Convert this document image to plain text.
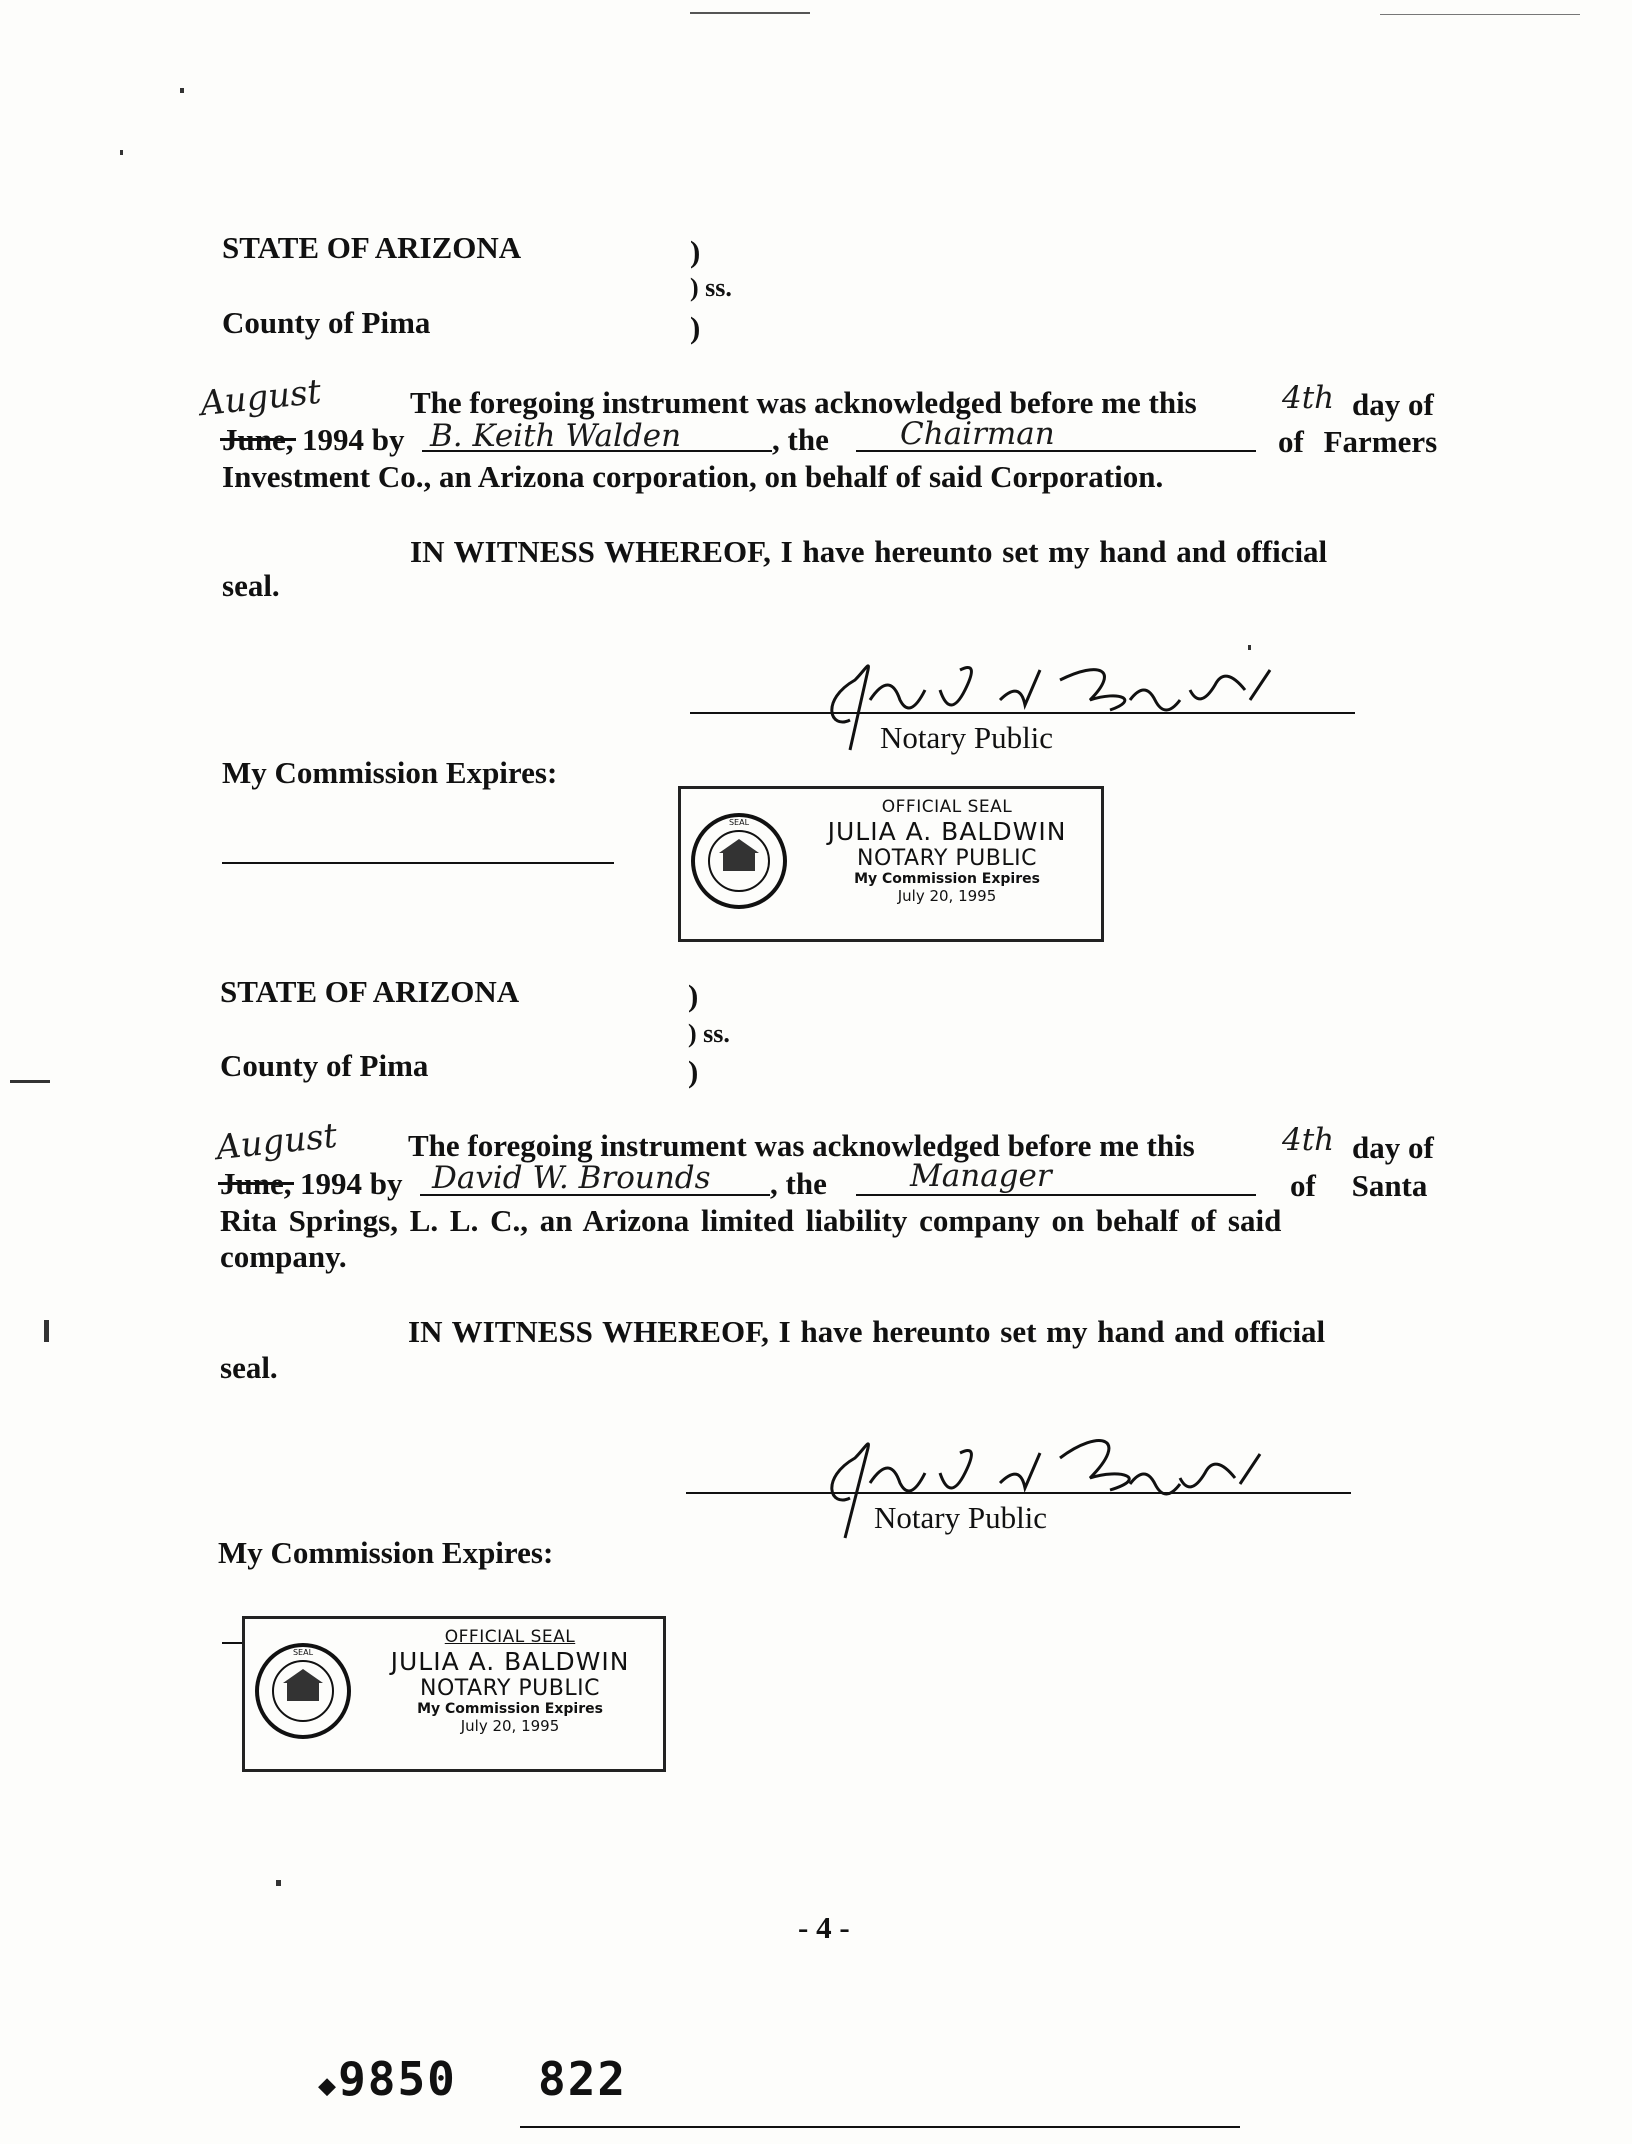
STATE OF ARIZONA
County of Pima
)
) ss.
)
August	The foregoing instrument was acknowledged before me this	4th day of
June, 1994 by B. Keith Walden	, the Chairman	of Farmers
Investment Co., an Arizona corporation, on behalf of said Corporation.
IN WITNESS WHEREOF, I have hereunto set my hand and official
seal.
Julia A. Baldwin
Notary Public
My Commission Expires:
SEAL
OFFICIAL SEAL
JULIA A. BALDWIN
NOTARY PUBLIC
My Commission Expires
July 20, 1995
STATE OF ARIZONA
County of Pima
)
) ss.
)
August The foregoing instrument was acknowledged before me this	4th day of
June, 1994 by David W. Brounds , the	Manager	of Santa
Rita Springs, L. L. C., an Arizona limited liability company on behalf of said
company.
IN WITNESS WHEREOF, I have hereunto set my hand and official
seal.
Julia A. Baldwin
Notary Public
My Commission Expires:
SEAL
OFFICIAL SEAL
JULIA A. BALDWIN
NOTARY PUBLIC
My Commission Expires
July 20, 1995
- 4 -
◆9850 822
